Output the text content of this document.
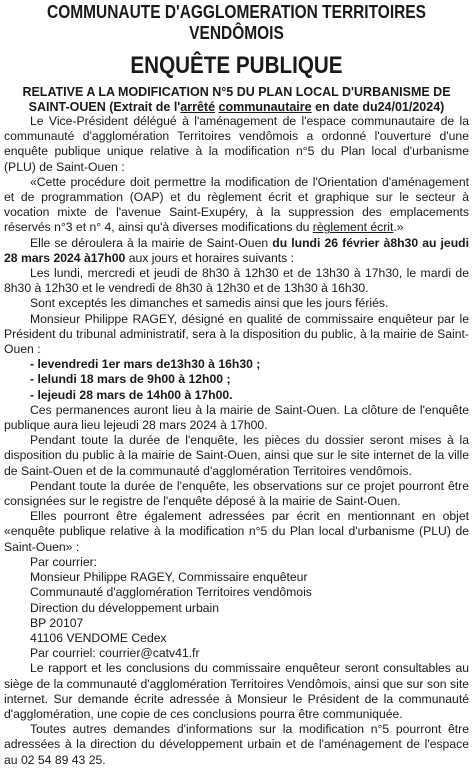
COMMUNAUTE D'AGGLOMERATION TERRITOIRES
VENDÔMOIS
ENQUÊTE PUBLIQUE
RELATIVE A LA MODIFICATION N°5 DU PLAN LOCAL D'URBANISME DE
SAINT-OUEN (Extrait de l'arrêté communautaire en date du24/01/2024)

Le Vice-Président délégué à l'aménagement de l'espace communautaire de la communauté d'agglomération Territoires vendômois a ordonné l'ouverture d'une enquête publique unique relative à la modification n°5 du Plan local d'urbanisme (PLU) de Saint-Ouen :

«Cette procédure doit permettre la modification de l'Orientation d'aménagement et de programmation (OAP) et du règlement écrit et graphique sur le secteur à vocation mixte de l'avenue Saint-Exupéry, à la suppression des emplacements réservés n°3 et n° 4, ainsi qu'à diverses modifications du règlement écrit.»

Elle se déroulera à la mairie de Saint-Ouen du lundi 26 février à8h30 au jeudi 28 mars 2024 à17h00 aux jours et horaires suivants :

Les lundi, mercredi et jeudi de 8h30 à 12h30 et de 13h30 à 17h30, le mardi de 8h30 à 12h30 et le vendredi de 8h30 à 12h30 et de 13h30 à 16h30.

Sont exceptés les dimanches et samedis ainsi que les jours fériés.

Monsieur Philippe RAGEY, désigné en qualité de commissaire enquêteur par le Président du tribunal administratif, sera à la disposition du public, à la mairie de Saint-Ouen :

- levendredi 1er mars de13h30 à 16h30 ;

- lelundi 18 mars de 9h00 à 12h00 ;

- lejeudi 28 mars de 14h00 à 17h00.

Ces permanences auront lieu à la mairie de Saint-Ouen. La clôture de l'enquête publique aura lieu lejeudi 28 mars 2024 à 17h00.

Pendant toute la durée de l'enquête, les pièces du dossier seront mises à la disposition du public à la mairie de Saint-Ouen, ainsi que sur le site internet de la ville de Saint-Ouen et de la communauté d'agglomération Territoires vendômois.

Pendant toute la durée de l'enquête, les observations sur ce projet pourront être consignées sur le registre de l'enquête déposé à la mairie de Saint-Ouen.

Elles pourront être également adressées par écrit en mentionnant en objet «enquête publique relative à la modification n°5 du Plan local d'urbanisme (PLU) de Saint-Ouen» :

Par courrier:

Monsieur Philippe RAGEY, Commissaire enquêteur

Communauté d'agglomération Territoires vendômois

Direction du développement urbain

BP 20107

41106 VENDOME Cedex

Par courriel: courrier@catv41.fr

Le rapport et les conclusions du commissaire enquêteur seront consultables au siège de la communauté d'agglomération Territoires Vendômois, ainsi que sur son site internet. Sur demande écrite adressée à Monsieur le Président de la communauté d'agglomération, une copie de ces conclusions pourra être communiquée.

Toutes autres demandes d'informations sur la modification n°5 pourront être adressées à la direction du développement urbain et de l'aménagement de l'espace au 02 54 89 43 25.
